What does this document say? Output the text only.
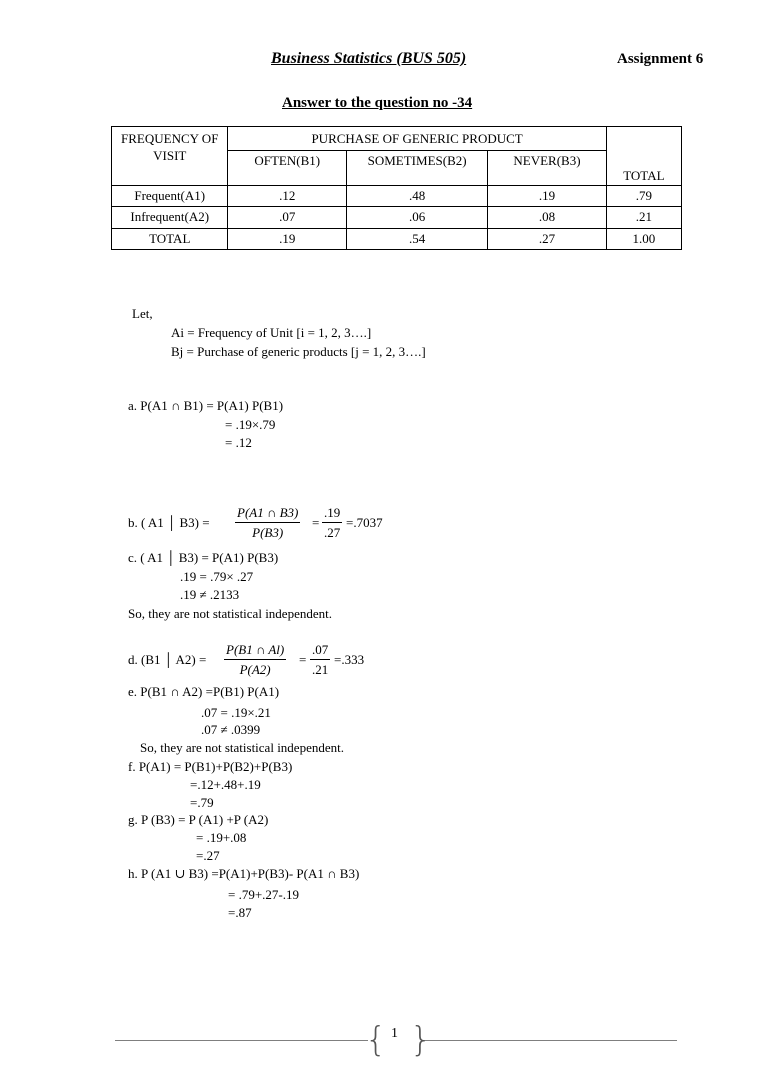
Business Statistics (BUS 505)	Assignment 6
Answer to the question no -34
FREQUENCY OF VISIT	PURCHASE OF GENERIC PRODUCT			
	OFTEN(B1)	SOMETIMES(B2)	NEVER(B3)	TOTAL
Frequent(A1)	.12	.48	.19	.79
Infrequent(A2)	.07	.06	.08	.21
TOTAL	.19	.54	.27	1.00
Let,
Ai = Frequency of Unit [i = 1, 2, 3….]
Bj = Purchase of generic products [j = 1, 2, 3….]
a. P(A1 ∩ B1) = P(A1) P(B1)
= .19×.79
= .12
b. ( A1 │ $B3) = \frac{P(A1 \cap B3)}{P(B3)} = \frac{.19}{.27} =.7037$
c. ( A1 │ B3) = P(A1) P(B3)
.19 = .79× .27
.19 ≠ .2133
So, they are not statistical independent.
d. (B1 │ $A2) = \frac{P(B1 \cap Al)}{P(A2)} = \frac{.07}{.21} =.333$
e. P(B1 ∩ A2) =P(B1) P(A1)
.07 = .19×.21
.07 ≠ .0399
So, they are not statistical independent.
f. P(A1) = P(B1)+P(B2)+P(B3)
=.12+.48+.19
=.79
g. P (B3) = P (A1) +P (A2)
= .19+.08
=.27
h. P (A1 ∪ B3) =P(A1)+P(B3)- P(A1 ∩ B3)
= .79+.27-.19
=.87
{ }
1
